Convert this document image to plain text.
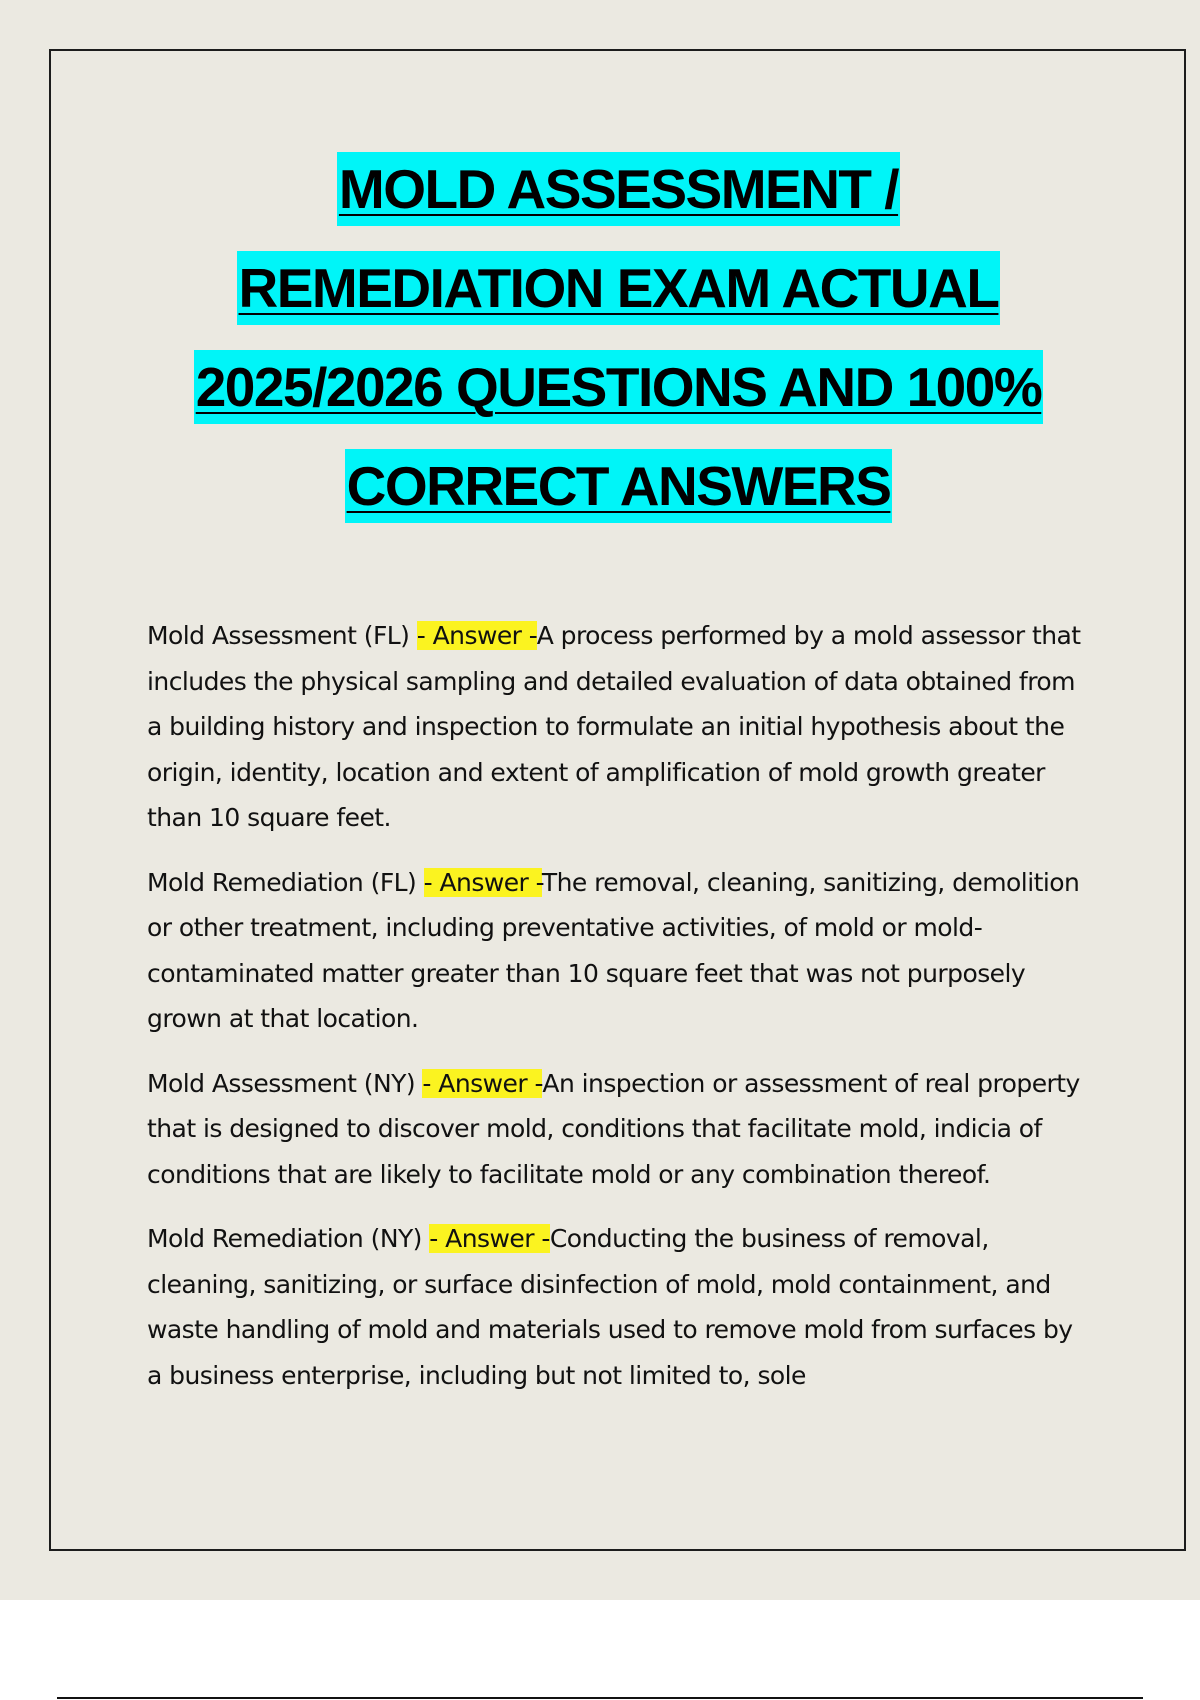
MOLD ASSESSMENT /
REMEDIATION EXAM ACTUAL
2025/2026 QUESTIONS AND 100%
CORRECT ANSWERS

Mold Assessment (FL) - Answer -A process performed by a mold assessor that includes the physical sampling and detailed evaluation of data obtained from a building history and inspection to formulate an initial hypothesis about the origin, identity, location and extent of amplification of mold growth greater than 10 square feet.

Mold Remediation (FL) - Answer -The removal, cleaning, sanitizing, demolition or other treatment, including preventative activities, of mold or mold-contaminated matter greater than 10 square feet that was not purposely grown at that location.

Mold Assessment (NY) - Answer -An inspection or assessment of real property that is designed to discover mold, conditions that facilitate mold, indicia of conditions that are likely to facilitate mold or any combination thereof.

Mold Remediation (NY) - Answer -Conducting the business of removal, cleaning, sanitizing, or surface disinfection of mold, mold containment, and waste handling of mold and materials used to remove mold from surfaces by a business enterprise, including but not limited to, sole
